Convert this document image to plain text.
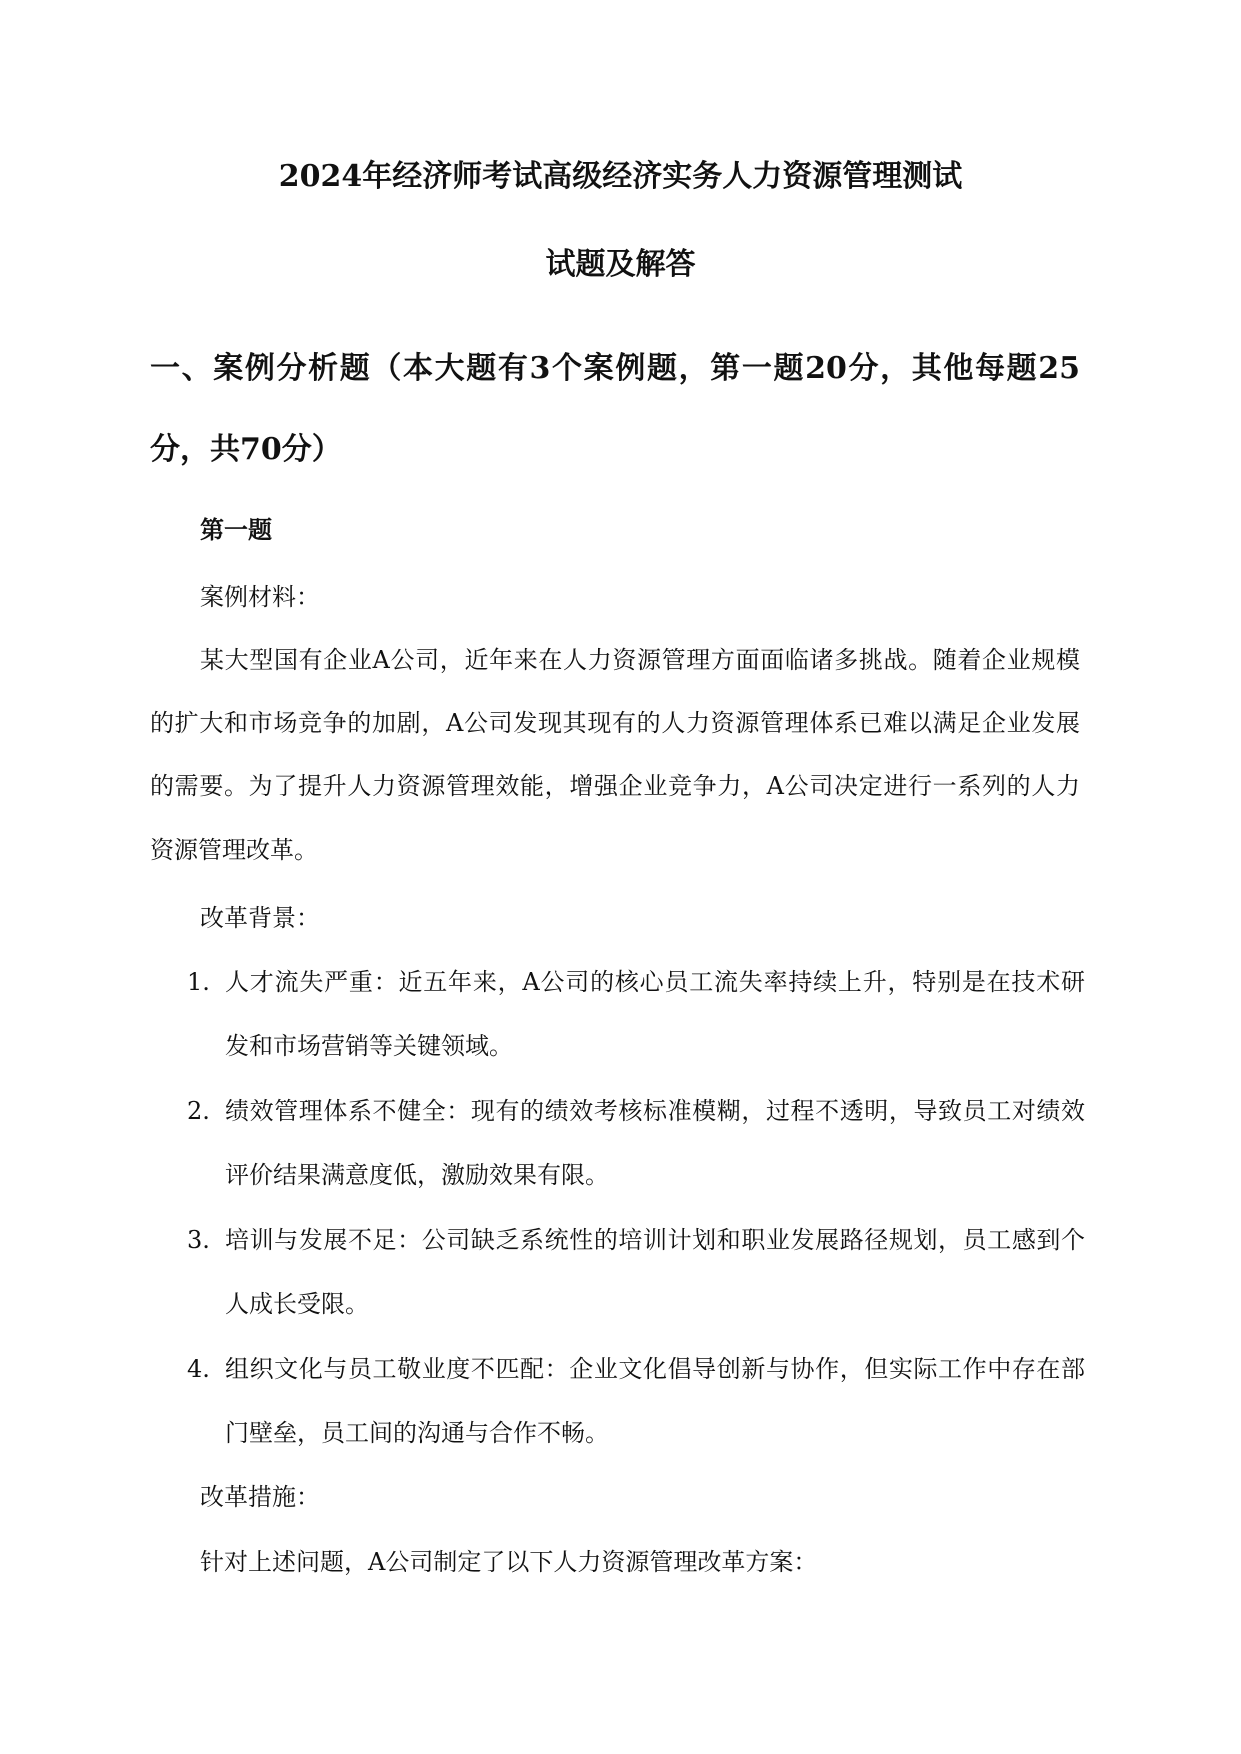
2024年经济师考试高级经济实务人力资源管理测试
试题及解答
一、案例分析题（本大题有3个案例题，第一题20分，其他每题25
分，共70分）
第一题
案例材料：
某大型国有企业A公司，近年来在人力资源管理方面面临诸多挑战。随着企业规模
的扩大和市场竞争的加剧，A公司发现其现有的人力资源管理体系已难以满足企业发展
的需要。为了提升人力资源管理效能，增强企业竞争力，A公司决定进行一系列的人力
资源管理改革。
改革背景：
1. 人才流失严重：近五年来，A公司的核心员工流失率持续上升，特别是在技术研
发和市场营销等关键领域。
2. 绩效管理体系不健全：现有的绩效考核标准模糊，过程不透明，导致员工对绩效
评价结果满意度低，激励效果有限。
3. 培训与发展不足：公司缺乏系统性的培训计划和职业发展路径规划，员工感到个
人成长受限。
4. 组织文化与员工敬业度不匹配：企业文化倡导创新与协作，但实际工作中存在部
门壁垒，员工间的沟通与合作不畅。
改革措施：
针对上述问题，A公司制定了以下人力资源管理改革方案：
